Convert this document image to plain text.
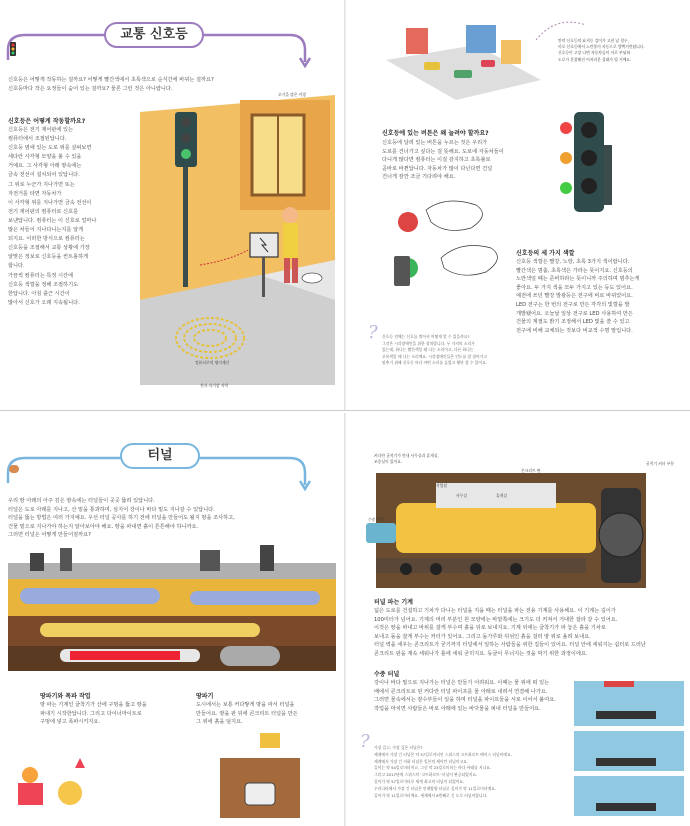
교통 신호등
신호등은 어떻게 작동하는 걸까요? 어떻게 빨간색에서 초록색으로 순식간에 바뀌는 걸까요?
신호등마다 작은 요정들이 숨어 있는 걸까요? 물론 그런 것은 아니랍니다.
신호등은 어떻게 작동할까요?
신호등은 전기 제어판에 있는
컴퓨터에서 조절된답니다.
신호등 옆에 있는 도로 위를 살펴보면
세다란 사각형 모양을 볼 수 있을
거예요. 그 사각형 아래 땅속에는
금속 전선이 설치되어 있답니다.
그 위로 누군가 지나가면 또는
자전거를 타면 자동차가
이 사각형 위를 지나가면 금속 전선이
전기 재어판의 컴퓨터로 신호를
보낸답니다. 컴퓨터는 이 신호로 얼마나
많은 차들이 지나다니는지를 알게
되지요. 이러한 방식으로 컴퓨터는
신호등을 조절해서 교통 상황에 가장
알맞은 정보로 신호등을 컨트롤하게
합니다.
가끔씩 컴퓨터는 특정 시간에
신호등 색깔을 정해 조절하기도
한답니다. 아침 출근 시간이
많아서 신호가 오래 지속됩니다.
초기을 많은 이랑
컴퓨터로의 명이재신
전자 자기장 지역
만약 신호등의 표지등 검이가 고친 날 경우,
비로 신호등에서 노란불이 자동으로 깜빡거린답니다.
신호등이 고장 나면 자동차들이 서로 부딪혀
도로가 혼잡해진 어지러운 상태가 될 거예요.
신호등에 있는 버튼은 왜 늘려야 할까요?
신호등에 달려 있는 버튼을 누르는 것은 우리가
도로를 건너가고 싶다는 걸 뜻해요. 도로에 자동차들이
다니게 많다면 컴퓨터는 이걸 감지하고 초록불로
곧바로 바뀐답니다. 자동차가 많이 다닌다면 건널
건너게 잠깐 조금 기다려야 해요.
신호등의 세 가지 색깔
신호등 색깔은 빨강, 노랑, 초록 3가지 색이랍니다.
빨간색은 멈춤, 초록색은 가라는 뜻이지요. 신호등의
노란색일 때는 준비하라는 뜻이니까 주의하며 멈추는게
좋아요. 두 가지 색을 모두 가지고 있는 등도 있어요.
예전에 쓰던 빨강 발광등은 전구에 비로 바뀌었어요.
LED 전구는 한 번의 전구로 만든 각각의 빛깔을 발
개발됐어요. 오늘날 일상 전구로 LED 사용하여 만든
건물의 계절도 밝기 조정해서 LED 빛을 쓸 수 있고
전구에 비해 교체되는 것보다 비교적 수명 말입니다.
? 신호등 전체는 신호를 꺾어서 어떻게 알 수 있을까요?
그것은 시각장애인을 위한 장치랍니다. 두 가지의 소리가
있는데, 하나는 빨간색일 때 나는 소리이고, 다른 하나는
초록색일 때 나는 소리예요. 시각장애인들은 인도를 잘 찾아가고
멈추기 위해 신호등 마다 어떤 소리를 들었고 횡단 할 수 있어요.
터널
우리 땅 아래의 아주 깊은 땅속에는 터널들이 곳곳 뚫려 있답니다.
터널은 도로 아래를 지나고, 산 밑을 통과하며, 심지어 강이나 바다 밑도 지나갈 수 있답니다.
터널을 뚫는 방법은 여러 가지예요. 우선 터널 공사를 하기 전에 터널을 만들어도 될지 땅을 조사하고,
건물 밑으로 지나가야 하는지 알아보아야 해요. 땅을 파내면 흙이 튼튼해야 하니까요.
그러면 터널은 어떻게 만들어질까요?
땅파기와 폭파 작업
땅 파는 기계인 굴착기가 산에 구멍을 뚫고 땅을
파내기 시작한답니다. 그리고 다이너마이트로
구멍에 넣고 폭파시키지요.
땅파기
도시에서는 보통 커다랗게 땅을 파서 터널을
만들어요. 땅을 판 뒤에 콘크리트 터널을 만든
그 위에 흙을 덮지요.
커다란 굴착기가 안내 사무실과 휴게실,
조종실이 있어요.
작업원
콘크리트 판
사무실	휴게실
굴착기 커터 부분
수송 열차
터널 파는 기계
넓은 도로를 건설하고 기차가 다니는 터널을 지을 때는 터널을 파는 전용 기계를 사용해요. 이 기계는 길이가
100미터가 넘어요. 기계의 머리 부분인 원 모양에는 바깥쪽에는 크기도 더 커져서 거대한 잘라 갈 수 있어요.
이것은 땅을 파내고 바위를 잘게 부수며 흙을 뒤로 보내지요. 기계 뒤에는 굴착기가 파 놓은 흙을 기차로
보내고 돌을 잘게 부수는 커터가 있어요. 그리고 돌가루와 뒤섞인 흙을 걸러 땅 위로 올려 보내요.
터널 벽을 세우는 콘크리트가 굳기까지 터널에서 일하는 사람들을 위한 집들이 있어요. 터널 안에 세워지는 쉼터로 드러난
콘크리트 판을 계속 세워나가 틀에 세워 굳히지요. 동굴이 무너지는 것을 막기 위한 과정이에요.
수중 터널
강이나 바다 밑으로 지나가는 터널은 만들기 어려워요. 이때는 물 위에 떠 있는
배에서 콘크리트로 된 커다란 터널 파이프를 물 아래로 내려서 연결해 나가요.
그러면 물속에서는 잠수부들이 일을 하며 터널을 파이프들을 서로 이어서 붙여요.
작업을 마치면 사람들은 바로 아래에 있는 바닷물을 퍼내 터널을 만들어요.
? 가장 길고, 가장 깊은 터널은?
세계에서 가장 긴 터널은 약 57킬로미터인 스위스의 고트하르트 베이스 터널이에요.
세계에서 가장 긴 지하 터널은 일본의 세이칸 터널이고요.
길이는 약 54킬로미터이고, 그중 약 23킬로미터는 바다 아래를 지나요.
그리고 2017년에 스위스의 '고트하르트' 터널이 완공되었지요.
길이가 약 57킬로미터로 세계 최고의 터널이 되었어요.
우리나라에서 가장 긴 터널은 인제양양 터널로 길이가 약 11킬로미터예요.
길이가 약 11킬로미터예요. 세계에서 6번째로 긴 도로 터널이랍니다.
